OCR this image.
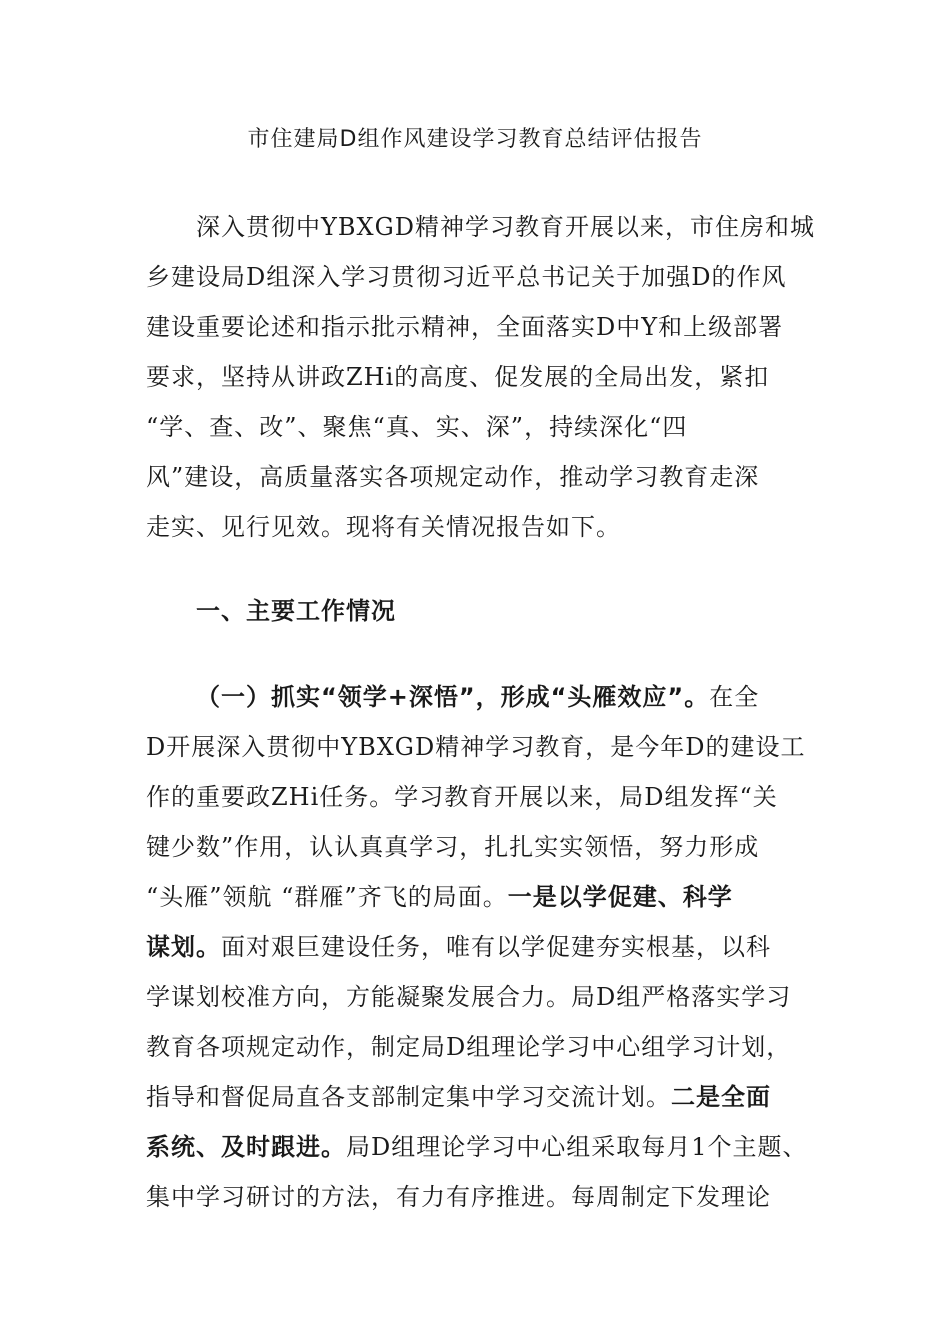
市住建局D组作风建设学习教育总结评估报告
深入贯彻中YBXGD精神学习教育开展以来，市住房和城
乡建设局D组深入学习贯彻习近平总书记关于加强D的作风
建设重要论述和指示批示精神，全面落实D中Y和上级部署
要求，坚持从讲政ZHi的高度、促发展的全局出发，紧扣
“学、查、改”、聚焦“真、实、深”，持续深化“四
风”建设，高质量落实各项规定动作，推动学习教育走深
走实、见行见效。现将有关情况报告如下。
一、主要工作情况
（一）抓实“领学+深悟”，形成“头雁效应”。在全
D开展深入贯彻中YBXGD精神学习教育，是今年D的建设工
作的重要政ZHi任务。学习教育开展以来，局D组发挥“关
键少数”作用，认认真真学习，扎扎实实领悟，努力形成
“头雁”领航 “群雁”齐飞的局面。一是以学促建、科学
谋划。面对艰巨建设任务，唯有以学促建夯实根基，以科
学谋划校准方向，方能凝聚发展合力。局D组严格落实学习
教育各项规定动作，制定局D组理论学习中心组学习计划，
指导和督促局直各支部制定集中学习交流计划。二是全面
系统、及时跟进。局D组理论学习中心组采取每月1个主题、
集中学习研讨的方法，有力有序推进。每周制定下发理论
